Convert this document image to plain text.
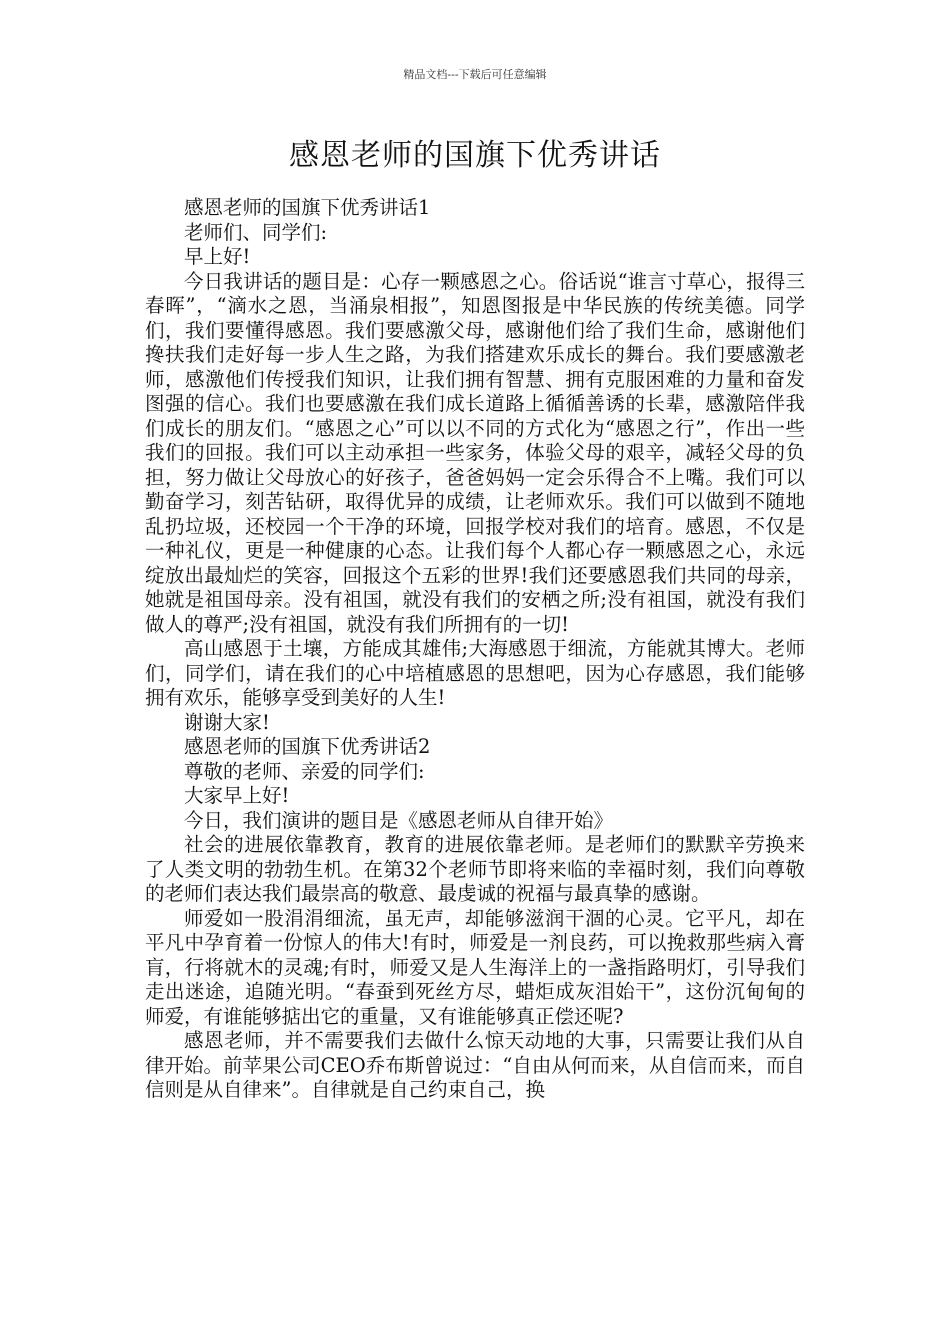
精品文档---下载后可任意编辑
感恩老师的国旗下优秀讲话

感恩老师的国旗下优秀讲话1

老师们、同学们:

早上好!

今日我讲话的题目是：心存一颗感恩之心。俗话说“谁言寸草心，报得三春晖”，“滴水之恩，当涌泉相报”，知恩图报是中华民族的传统美德。同学们，我们要懂得感恩。我们要感激父母，感谢他们给了我们生命，感谢他们搀扶我们走好每一步人生之路，为我们搭建欢乐成长的舞台。我们要感激老师，感激他们传授我们知识，让我们拥有智慧、拥有克服困难的力量和奋发图强的信心。我们也要感激在我们成长道路上循循善诱的长辈，感激陪伴我们成长的朋友们。“感恩之心”可以以不同的方式化为“感恩之行”，作出一些我们的回报。我们可以主动承担一些家务，体验父母的艰辛，减轻父母的负担，努力做让父母放心的好孩子，爸爸妈妈一定会乐得合不上嘴。我们可以勤奋学习，刻苦钻研，取得优异的成绩，让老师欢乐。我们可以做到不随地乱扔垃圾，还校园一个干净的环境，回报学校对我们的培育。感恩，不仅是一种礼仪，更是一种健康的心态。让我们每个人都心存一颗感恩之心，永远绽放出最灿烂的笑容，回报这个五彩的世界!我们还要感恩我们共同的母亲，她就是祖国母亲。没有祖国，就没有我们的安栖之所;没有祖国，就没有我们做人的尊严;没有祖国，就没有我们所拥有的一切!

高山感恩于土壤，方能成其雄伟;大海感恩于细流，方能就其博大。老师们，同学们，请在我们的心中培植感恩的思想吧，因为心存感恩，我们能够拥有欢乐，能够享受到美好的人生!

谢谢大家!

感恩老师的国旗下优秀讲话2

尊敬的老师、亲爱的同学们:

大家早上好!

今日，我们演讲的题目是《感恩老师从自律开始》

社会的进展依靠教育，教育的进展依靠老师。是老师们的默默辛劳换来了人类文明的勃勃生机。在第32个老师节即将来临的幸福时刻，我们向尊敬的老师们表达我们最崇高的敬意、最虔诚的祝福与最真挚的感谢。

师爱如一股涓涓细流，虽无声，却能够滋润干涸的心灵。它平凡，却在平凡中孕育着一份惊人的伟大!有时，师爱是一剂良药，可以挽救那些病入膏肓，行将就木的灵魂;有时，师爱又是人生海洋上的一盏指路明灯，引导我们走出迷途，追随光明。“春蚕到死丝方尽，蜡炬成灰泪始干”，这份沉甸甸的师爱，有谁能够掂出它的重量，又有谁能够真正偿还呢?

感恩老师，并不需要我们去做什么惊天动地的大事，只需要让我们从自律开始。前苹果公司CEO乔布斯曾说过：“自由从何而来，从自信而来，而自信则是从自律来”。自律就是自己约束自己，换
